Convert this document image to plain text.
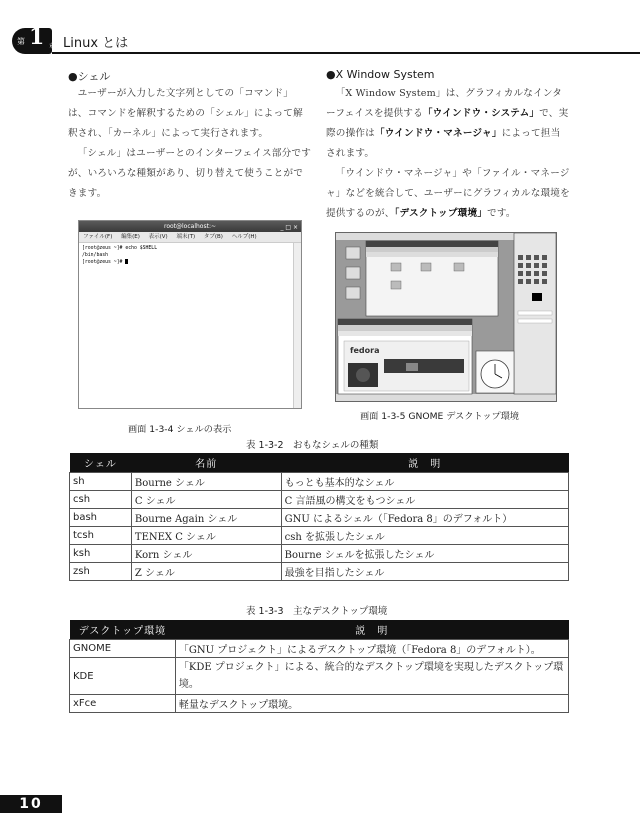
第 1 章 Linux とは
●シェル

ユーザーが入力した文字列としての「コマンド」は、コマンドを解釈するための「シェル」によって解釈され、「カーネル」によって実行されます。

「シェル」はユーザーとのインターフェイス部分ですが、いろいろな種類があり、切り替えて使うことができます。

●X Window System

「X Window System」は、グラフィカルなインターフェイスを提供する「ウインドウ・システム」で、実際の操作は「ウインドウ・マネージャ」によって担当されます。

「ウインドウ・マネージャ」や「ファイル・マネージャ」などを統合して、ユーザーにグラフィカルな環境を提供するのが、「デスクトップ環境」です。

root@localhost:~	_ □ ×
ファイル(F) 編集(E) 表示(V) 端末(T) タブ(B) ヘルプ(H)
[root@zeus ~]# echo $SHELL
/bin/bash
[root@zeus ~]#
fedora
画面 1-3-5 GNOME デスクトップ環境
画面 1-3-4 シェルの表示
表 1-3-2　おもなシェルの種類
シェル	名前	説　明
sh	Bourne シェル	もっとも基本的なシェル
csh	C シェル	C 言語風の構文をもつシェル
bash	Bourne Again シェル	GNU によるシェル（「Fedora 8」のデフォルト）
tcsh	TENEX C シェル	csh を拡張したシェル
ksh	Korn シェル	Bourne シェルを拡張したシェル
zsh	Z シェル	最強を目指したシェル
表 1-3-3　主なデスクトップ環境
デスクトップ環境	説　明
GNOME	「GNU プロジェクト」によるデスクトップ環境（「Fedora 8」のデフォルト）。
KDE	「KDE プロジェクト」による、統合的なデスクトップ環境を実現したデスクトップ環境。
xFce	軽量なデスクトップ環境。
10
